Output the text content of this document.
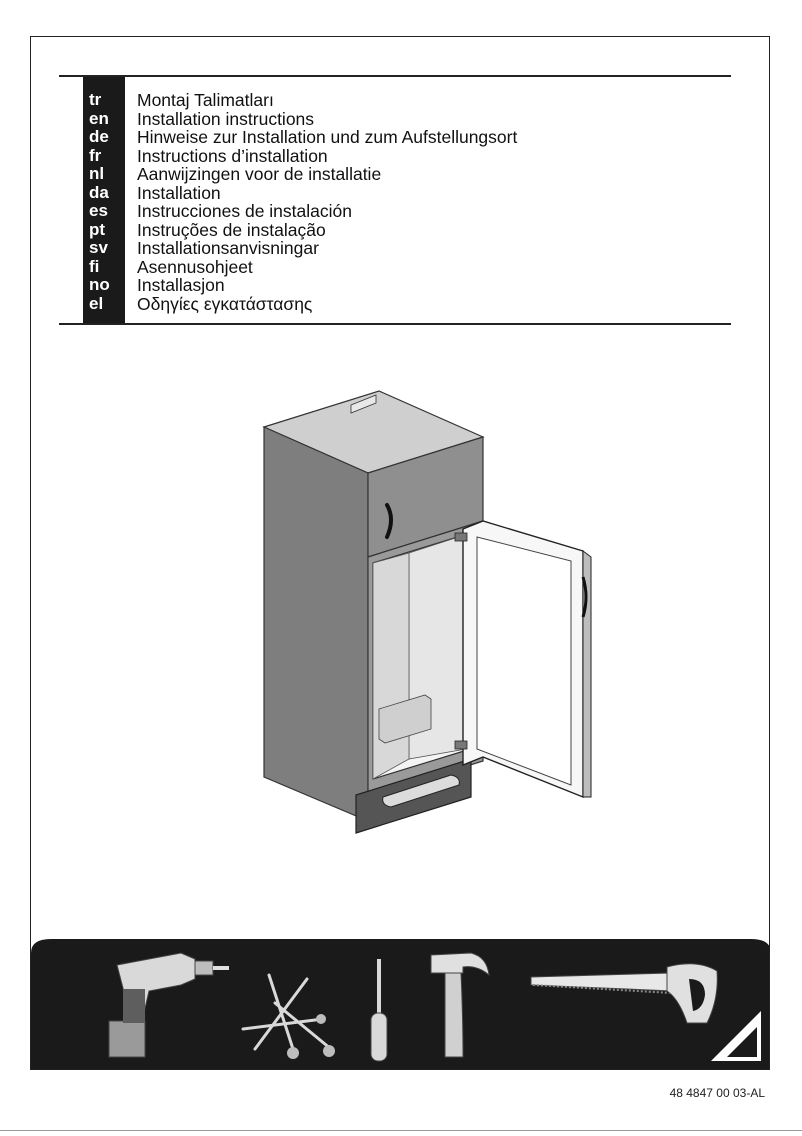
tr Montaj Talimatları
en Installation instructions
de Hinweise zur Installation und zum Aufstellungsort
fr Instructions d’installation
nl Aanwijzingen voor de installatie
da Installation
es Instrucciones de instalación
pt Instruções de instalação
sv Installationsanvisningar
fi Asennusohjeet
no Installasjon
el Οδηγίες εγκατάστασης
48 4847 00 03-AL
